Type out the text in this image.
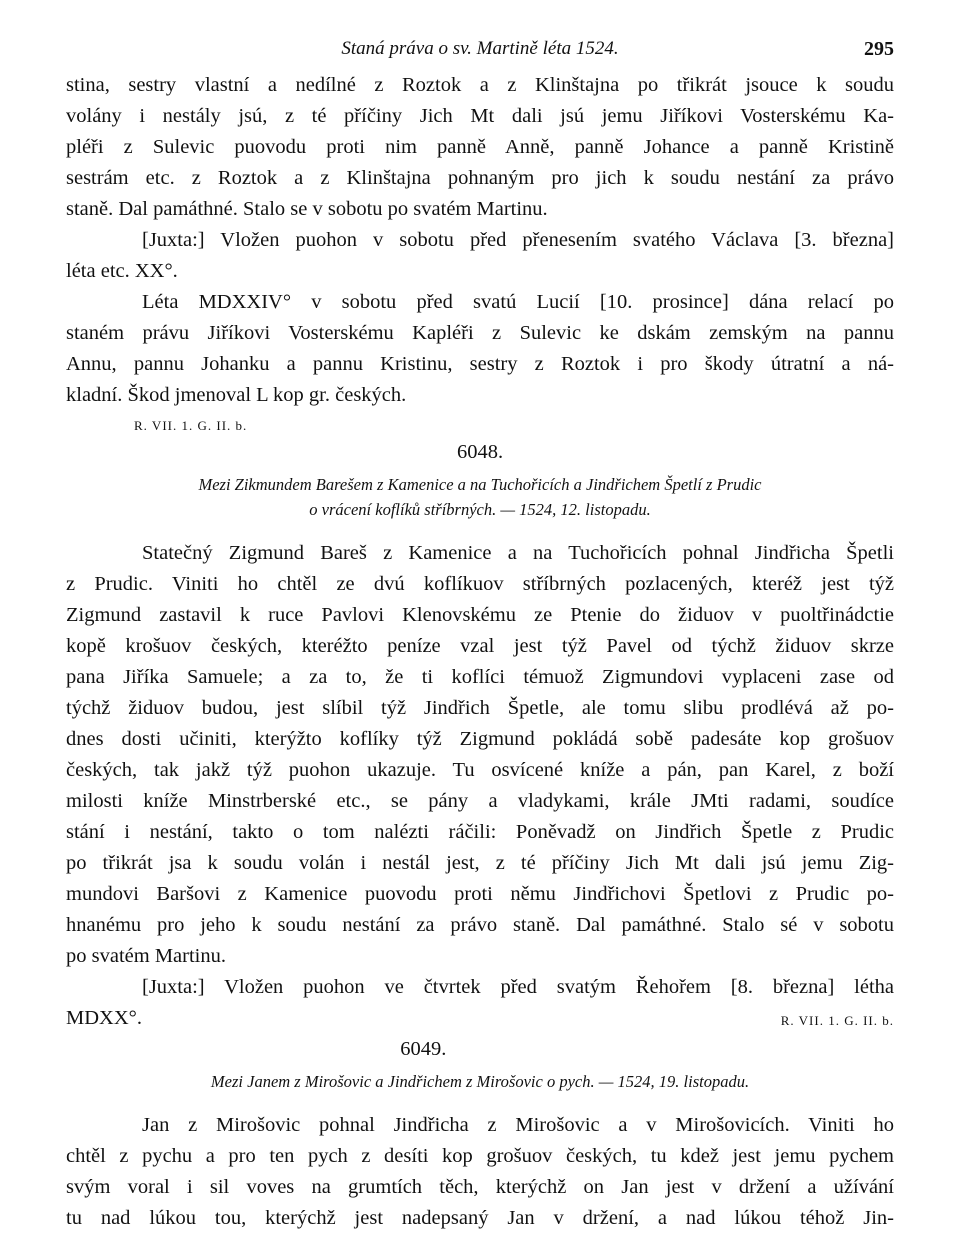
Staná práva o sv. Martině léta 1524.	295

stina, sestry vlastní a nedílné z Roztok a z Klinštajna po třikrát jsouce k soudu
volány i nestály jsú, z té příčiny Jich Mt dali jsú jemu Jiříkovi Vosterskému Ka-
pléři z Sulevic puovodu proti nim panně Anně, panně Johance a panně Kristině
sestrám etc. z Roztok a z Klinštajna pohnaným pro jich k soudu nestání za právo
staně. Dal památhné. Stalo se v sobotu po svatém Martinu.

[Juxta:] Vložen puohon v sobotu před přenesením svatého Václava [3. března]
léta etc. XX°.

Léta MDXXIV° v sobotu před svatú Lucií [10. prosince] dána relací po
staném právu Jiříkovi Vosterskému Kapléři z Sulevic ke dskám zemským na pannu
Annu, pannu Johanku a pannu Kristinu, sestry z Roztok i pro škody útratní a ná-
kladní. Škod jmenoval L kop gr. českých.

R. VII. 1. G. II. b.

6048.

Mezi Zikmundem Barešem z Kamenice a na Tuchořicích a Jindřichem Špetlí z Prudic
o vrácení koflíků stříbrných. — 1524, 12. listopadu.

Statečný Zigmund Bareš z Kamenice a na Tuchořicích pohnal Jindřicha Špetli
z Prudic. Viniti ho chtěl ze dvú koflíkuov stříbrných pozlacených, kteréž jest týž
Zigmund zastavil k ruce Pavlovi Klenovskému ze Ptenie do židuov v puoltřinádctie
kopě krošuov českých, kteréžto peníze vzal jest týž Pavel od týchž židuov skrze
pana Jiříka Samuele; a za to, že ti koflíci témuož Zigmundovi vyplaceni zase od
týchž židuov budou, jest slíbil týž Jindřich Špetle, ale tomu slibu prodlévá až po-
dnes dosti učiniti, kterýžto koflíky týž Zigmund pokládá sobě padesáte kop grošuov
českých, tak jakž týž puohon ukazuje. Tu osvícené kníže a pán, pan Karel, z boží
milosti kníže Minstrberské etc., se pány a vladykami, krále JMti radami, soudíce
stání i nestání, takto o tom nalézti ráčili: Poněvadž on Jindřich Špetle z Prudic
po třikrát jsa k soudu volán i nestál jest, z té příčiny Jich Mt dali jsú jemu Zig-
mundovi Baršovi z Kamenice puovodu proti němu Jindřichovi Špetlovi z Prudic po-
hnanému pro jeho k soudu nestání za právo staně. Dal památhné. Stalo sé v sobotu
po svatém Martinu.

[Juxta:] Vložen puohon ve čtvrtek před svatým Řehořem [8. března] létha
MDXX°.	R. VII. 1. G. II. b.

6049.

Mezi Janem z Mirošovic a Jindřichem z Mirošovic o pych. — 1524, 19. listopadu.

Jan z Mirošovic pohnal Jindřicha z Mirošovic a v Mirošovicích. Viniti ho
chtěl z pychu a pro ten pych z desíti kop grošuov českých, tu kdež jest jemu pychem
svým voral i sil voves na grumtích těch, kterýchž on Jan jest v držení a užívání
tu nad lúkou tou, kterýchž jest nadepsaný Jan v držení, a nad lúkou téhož Jin-
